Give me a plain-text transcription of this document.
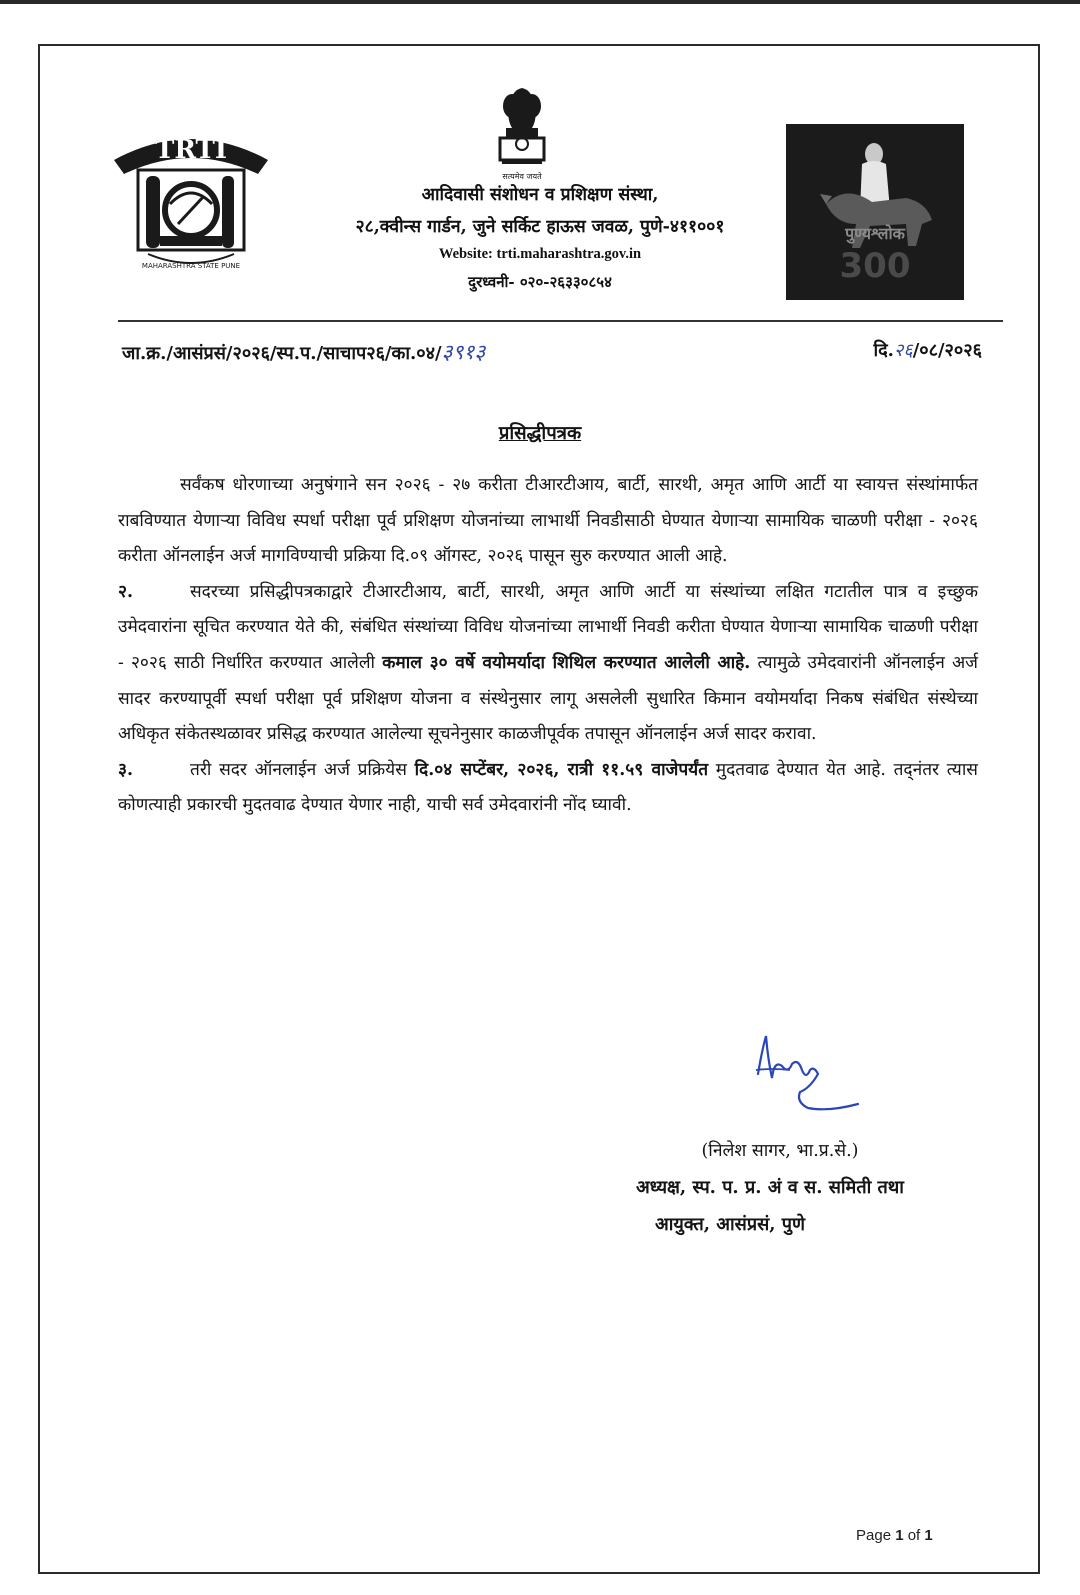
TRTI
MAHARASHTRA STATE PUNE
सत्यमेव जयते
आदिवासी संशोधन व प्रशिक्षण संस्था,
२८,क्वीन्स गार्डन, जुने सर्किट हाऊस जवळ, पुणे-४११००१
Website: trti.maharashtra.gov.in
दुरध्वनी- ०२०-२६३३०८५४
पुण्यश्लोक
300
जा.क्र./आसंप्रसं/२०२६/स्प.प./साचाप२६/का.०४/३९१३	दि.२६/०८/२०२६
प्रसिद्धीपत्रक

सर्वंकष धोरणाच्या अनुषंगाने सन २०२६ - २७ करीता टीआरटीआय, बार्टी, सारथी, अमृत आणि आर्टी या स्वायत्त संस्थांमार्फत राबविण्यात येणाऱ्या विविध स्पर्धा परीक्षा पूर्व प्रशिक्षण योजनांच्या लाभार्थी निवडीसाठी घेण्यात येणाऱ्या सामायिक चाळणी परीक्षा - २०२६ करीता ऑनलाईन अर्ज मागविण्याची प्रक्रिया दि.०९ ऑगस्ट, २०२६ पासून सुरु करण्यात आली आहे.

२.	सदरच्या प्रसिद्धीपत्रकाद्वारे टीआरटीआय, बार्टी, सारथी, अमृत आणि आर्टी या संस्थांच्या लक्षित गटातील पात्र व इच्छुक उमेदवारांना सूचित करण्यात येते की, संबंधित संस्थांच्या विविध योजनांच्या लाभार्थी निवडी करीता घेण्यात येणाऱ्या सामायिक चाळणी परीक्षा - २०२६ साठी निर्धारित करण्यात आलेली कमाल ३० वर्षे वयोमर्यादा शिथिल करण्यात आलेली आहे. त्यामुळे उमेदवारांनी ऑनलाईन अर्ज सादर करण्यापूर्वी स्पर्धा परीक्षा पूर्व प्रशिक्षण योजना व संस्थेनुसार लागू असलेली सुधारित किमान वयोमर्यादा निकष संबंधित संस्थेच्या अधिकृत संकेतस्थळावर प्रसिद्ध करण्यात आलेल्या सूचनेनुसार काळजीपूर्वक तपासून ऑनलाईन अर्ज सादर करावा.

३.	तरी सदर ऑनलाईन अर्ज प्रक्रियेस दि.०४ सप्टेंबर, २०२६, रात्री ११.५९ वाजेपर्यंत मुदतवाढ देण्यात येत आहे. तद्नंतर त्यास कोणत्याही प्रकारची मुदतवाढ देण्यात येणार नाही, याची सर्व उमेदवारांनी नोंद घ्यावी.

(निलेश सागर, भा.प्र.से.)
अध्यक्ष, स्प. प. प्र. अं व स. समिती तथा
आयुक्त, आसंप्रसं, पुणे
Page 1 of 1
